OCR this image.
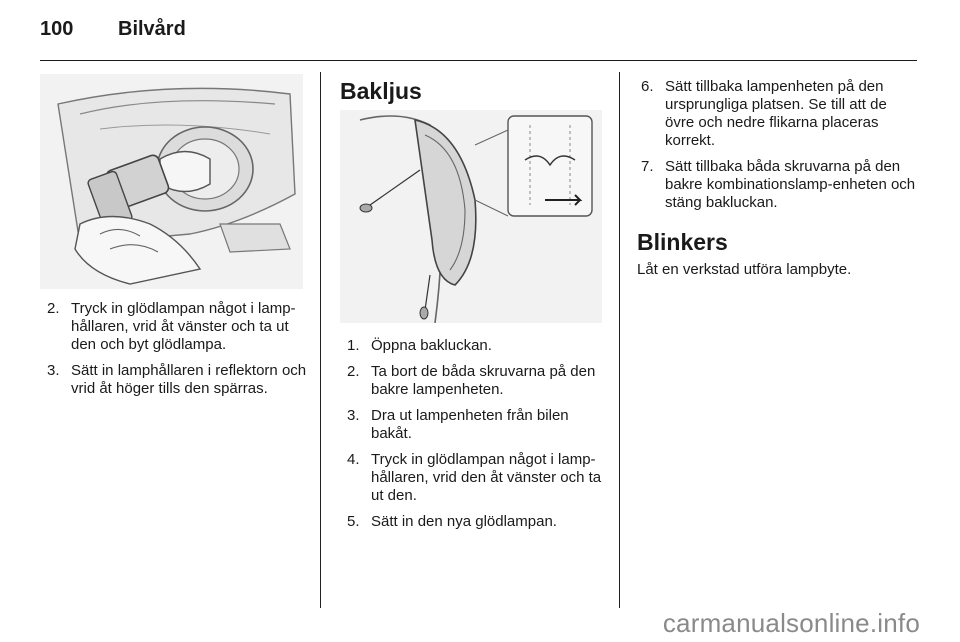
100 Bilvård
2. Tryck in glödlampan något i lamp-hållaren, vrid åt vänster och ta ut den och byt glödlampa.
3. Sätt in lamphållaren i reflektorn och vrid åt höger tills den spärras.
Bakljus
1. Öppna bakluckan.
2. Ta bort de båda skruvarna på den bakre lampenheten.
3. Dra ut lampenheten från bilen bakåt.
4. Tryck in glödlampan något i lamp-hållaren, vrid den åt vänster och ta ut den.
5. Sätt in den nya glödlampan.
6. Sätt tillbaka lampenheten på den ursprungliga platsen. Se till att de övre och nedre flikarna placeras korrekt.
7. Sätt tillbaka båda skruvarna på den bakre kombinationslamp-enheten och stäng bakluckan.
Blinkers

Låt en verkstad utföra lampbyte.

carmanualsonline.info
